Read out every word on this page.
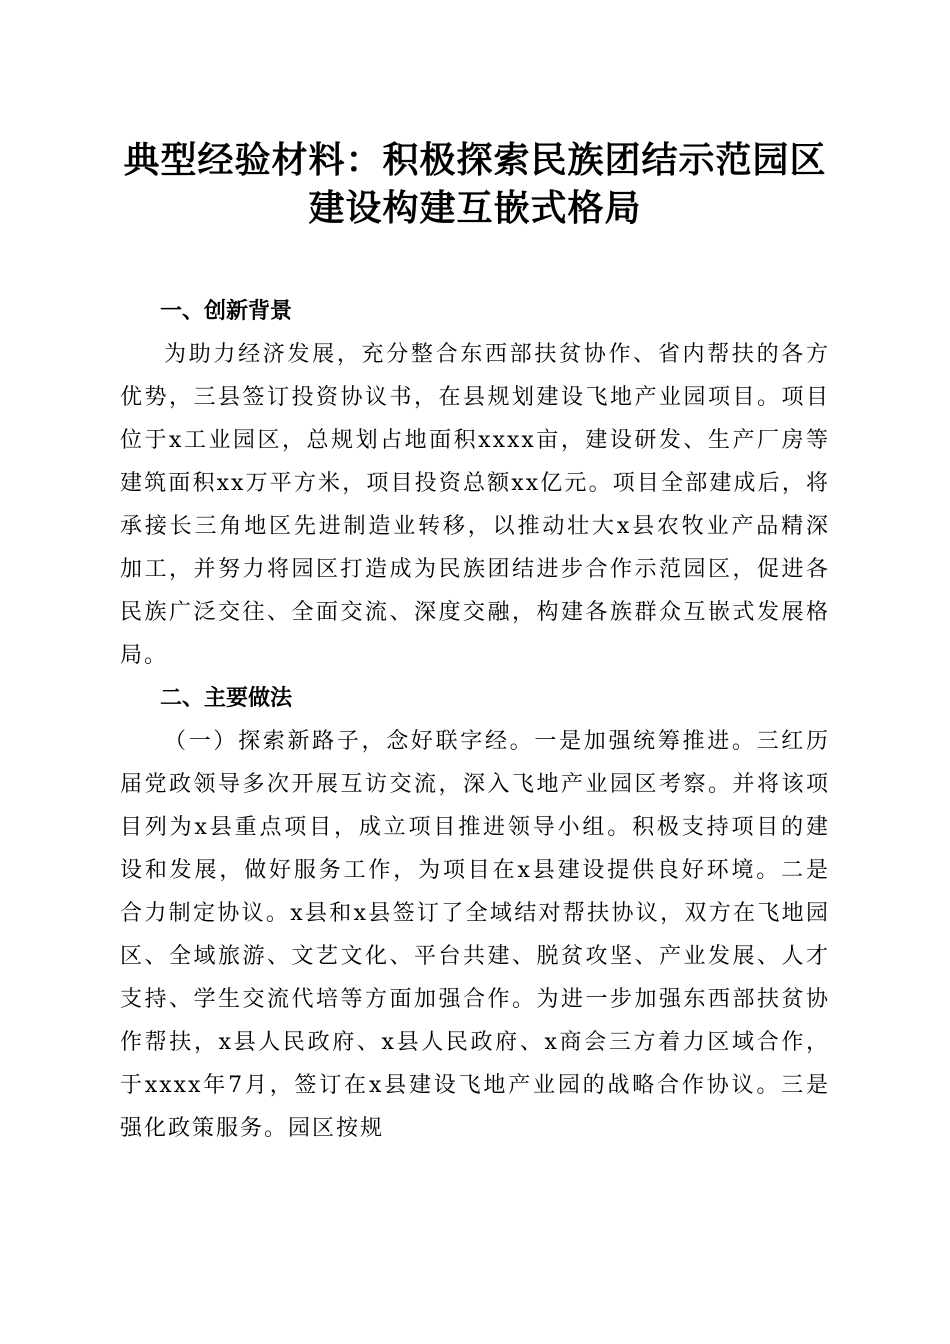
典型经验材料：积极探索民族团结示范园区建设构建互嵌式格局
一、创新背景

为助力经济发展，充分整合东西部扶贫协作、省内帮扶的各方优势，三县签订投资协议书，在县规划建设飞地产业园项目。项目位于x工业园区，总规划占地面积xxxx亩，建设研发、生产厂房等建筑面积xx万平方米，项目投资总额xx亿元。项目全部建成后，将承接长三角地区先进制造业转移，以推动壮大x县农牧业产品精深加工，并努力将园区打造成为民族团结进步合作示范园区，促进各民族广泛交往、全面交流、深度交融，构建各族群众互嵌式发展格局。

二、主要做法

（一）探索新路子，念好联字经。一是加强统筹推进。三红历届党政领导多次开展互访交流，深入飞地产业园区考察。并将该项目列为x县重点项目，成立项目推进领导小组。积极支持项目的建设和发展，做好服务工作，为项目在x县建设提供良好环境。二是合力制定协议。x县和x县签订了全域结对帮扶协议，双方在飞地园区、全域旅游、文艺文化、平台共建、脱贫攻坚、产业发展、人才支持、学生交流代培等方面加强合作。为进一步加强东西部扶贫协作帮扶，x县人民政府、x县人民政府、x商会三方着力区域合作，于xxxx年7月，签订在x县建设飞地产业园的战略合作协议。三是强化政策服务。园区按规
